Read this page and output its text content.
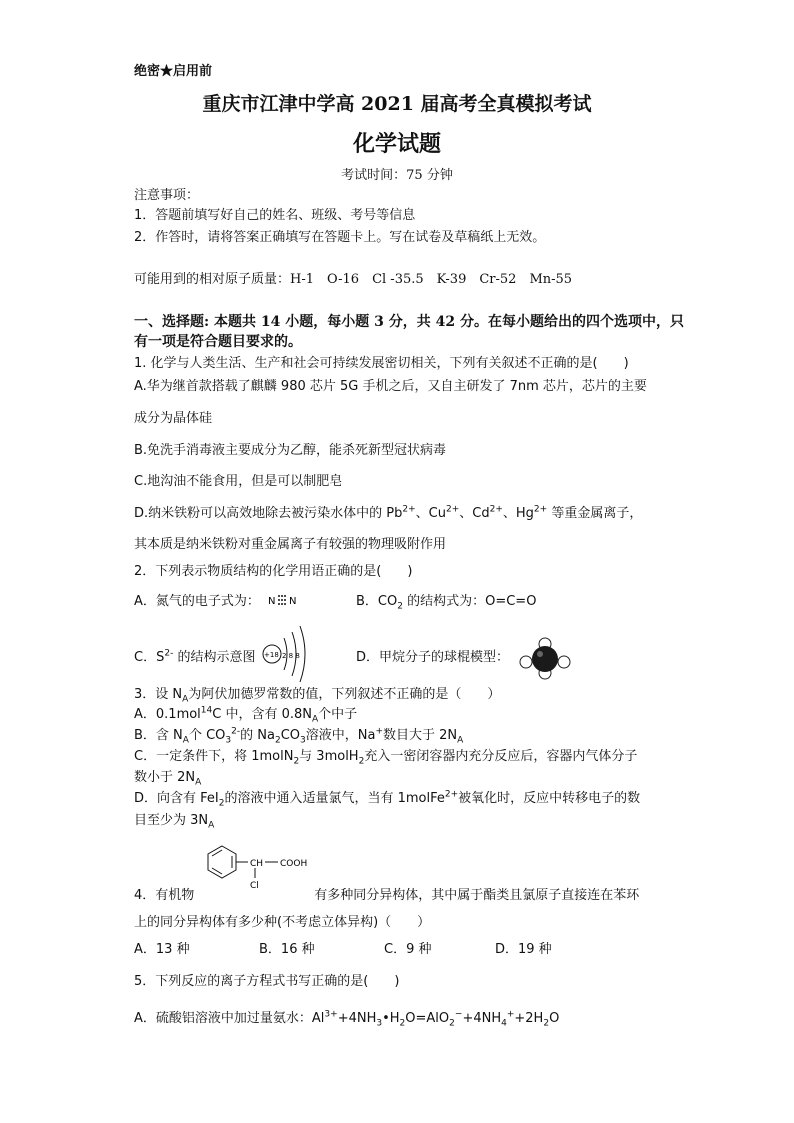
绝密★启用前
重庆市江津中学高 2021 届高考全真模拟考试
化学试题
考试时间：75 分钟
注意事项：
1．答题前填写好自己的姓名、班级、考号等信息
2．作答时，请将答案正确填写在答题卡上。写在试卷及草稿纸上无效。
可能用到的相对原子质量：H-1　O-16　Cl -35.5　K-39　Cr-52　Mn-55
一、选择题: 本题共 14 小题，每小题 3 分，共 42 分。在每小题给出的四个选项中，只
有一项是符合题目要求的。
1. 化学与人类生活、生产和社会可持续发展密切相关，下列有关叙述不正确的是(　　)
A.华为继首款搭载了麒麟 980 芯片 5G 手机之后，又自主研发了 7nm 芯片，芯片的主要
成分为晶体硅
B.免洗手消毒液主要成分为乙醇，能杀死新型冠状病毒
C.地沟油不能食用，但是可以制肥皂
D.纳米铁粉可以高效地除去被污染水体中的 $Pb^{2+}$、$Cu^{2+}$、$Cd^{2+}$、$Hg^{2+}$ 等重金属离子，
其本质是纳米铁粉对重金属离子有较强的物理吸附作用
2．下列表示物质结构的化学用语正确的是(　　)
A．氮气的电子式为： N N	B．$CO_2$ 的结构式为：O=C=O
C．$S^{2-}$ 的结构示意图 +18 2 8 8	D．甲烷分子的球棍模型：
3．设 $N_A$为阿伏加德罗常数的值，下列叙述不正确的是（　　）
A．0.1mol$^{14}$C 中，含有 $0.8N_A$个中子
B．含 $N_A$个 $CO_3^{2-}$的 $Na_2CO_3$溶液中，Na+数目大于 $2N_A$
C．一定条件下，将 1molN$_2$与 3molH$_2$充入一密闭容器内充分反应后，容器内气体分子
数小于 $2N_A$
D．向含有 FeI$_2$的溶液中通入适量氯气，当有 1molFe$^{2+}$被氧化时，反应中转移电子的数
目至少为 $3N_A$
CH COOH
Cl
4．有机物	有多种同分异构体，其中属于酯类且氯原子直接连在苯环
上的同分异构体有多少种(不考虑立体异构)（　　）
A．13 种	B．16 种	C．9 种	D．19 种
5．下列反应的离子方程式书写正确的是(　　)
A．硫酸铝溶液中加过量氨水：$Al^{3+}+4NH_3•H_2O=AlO_2^-+4NH_4^++2H_2O$
